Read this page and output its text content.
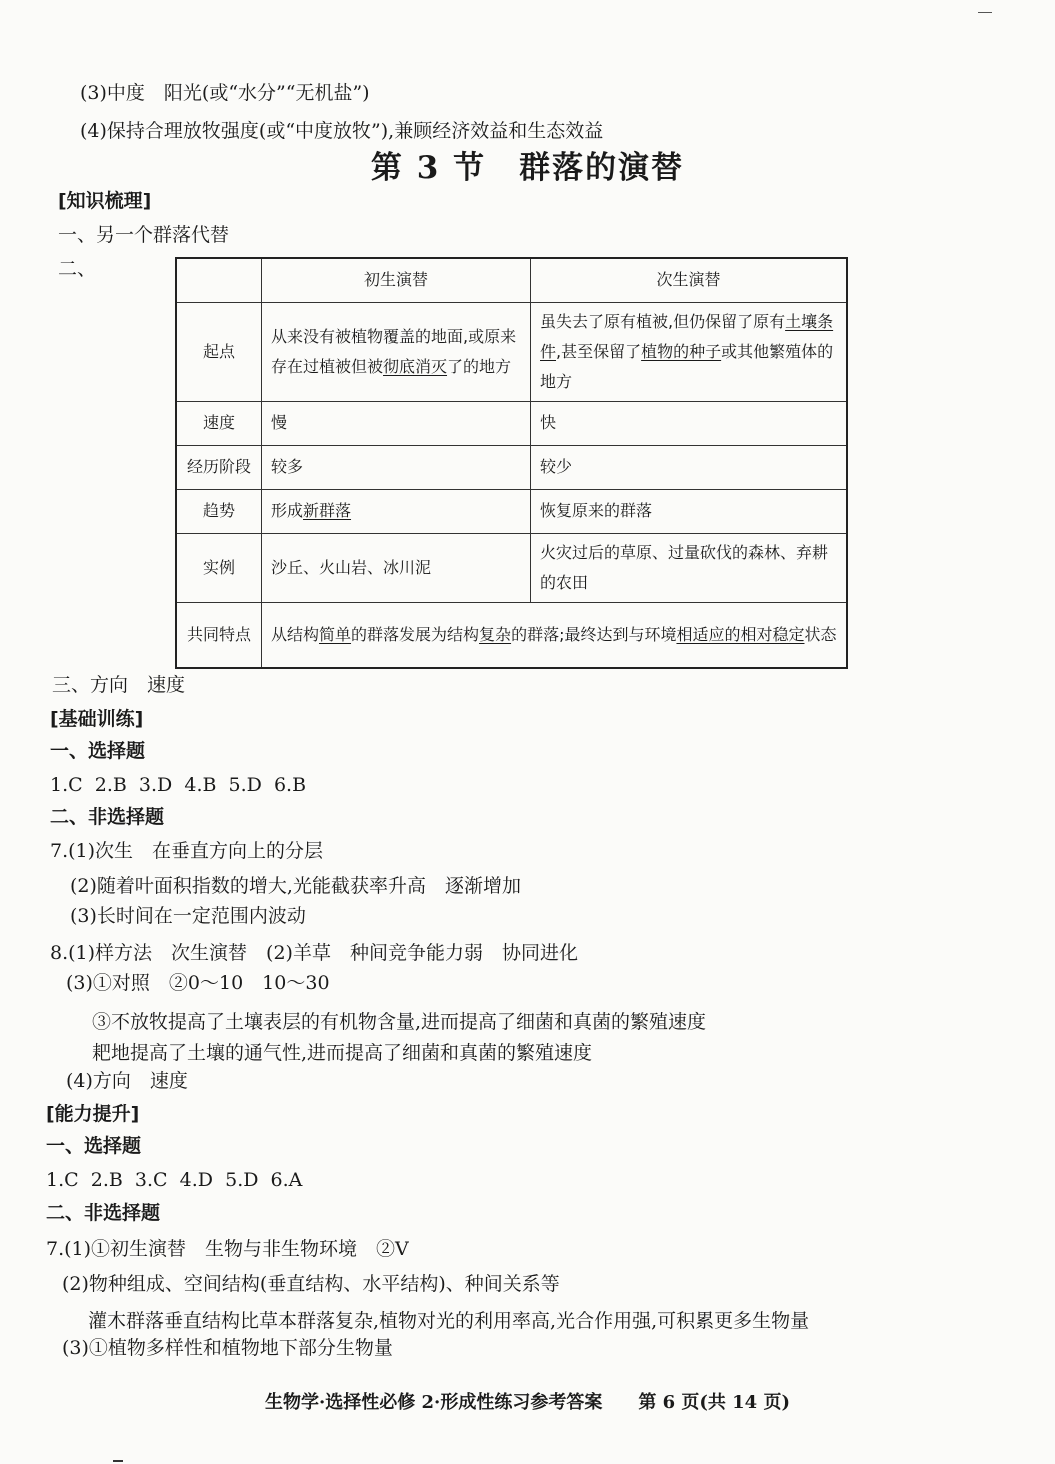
(3)中度　阳光(或“水分”“无机盐”)
(4)保持合理放牧强度(或“中度放牧”),兼顾经济效益和生态效益
第 3 节　群落的演替
[知识梳理]
一、另一个群落代替
二、
		初生演替	次生演替
起点	从来没有被植物覆盖的地面,或原来存在过植被但被彻底消灭了的地方	虽失去了原有植被,但仍保留了原有土壤条件,甚至保留了植物的种子或其他繁殖体的地方
速度	慢	快
经历阶段	较多	较少
趋势	形成新群落	恢复原来的群落
实例	沙丘、火山岩、冰川泥	火灾过后的草原、过量砍伐的森林、弃耕的农田
共同特点	从结构简单的群落发展为结构复杂的群落;最终达到与环境相适应的相对稳定状态	
三、方向　速度
[基础训练]
一、选择题
1.C  2.B  3.D  4.B  5.D  6.B
二、非选择题
7.(1)次生　在垂直方向上的分层
(2)随着叶面积指数的增大,光能截获率升高　逐渐增加
(3)长时间在一定范围内波动
8.(1)样方法　次生演替　(2)羊草　种间竞争能力弱　协同进化
(3)①对照　②0～10　10～30
③不放牧提高了土壤表层的有机物含量,进而提高了细菌和真菌的繁殖速度
耙地提高了土壤的通气性,进而提高了细菌和真菌的繁殖速度
(4)方向　速度
[能力提升]
一、选择题
1.C  2.B  3.C  4.D  5.D  6.A
二、非选择题
7.(1)①初生演替　生物与非生物环境　②V
(2)物种组成、空间结构(垂直结构、水平结构)、种间关系等
灌木群落垂直结构比草本群落复杂,植物对光的利用率高,光合作用强,可积累更多生物量
(3)①植物多样性和植物地下部分生物量
生物学·选择性必修 2·形成性练习参考答案　　第 6 页(共 14 页)
